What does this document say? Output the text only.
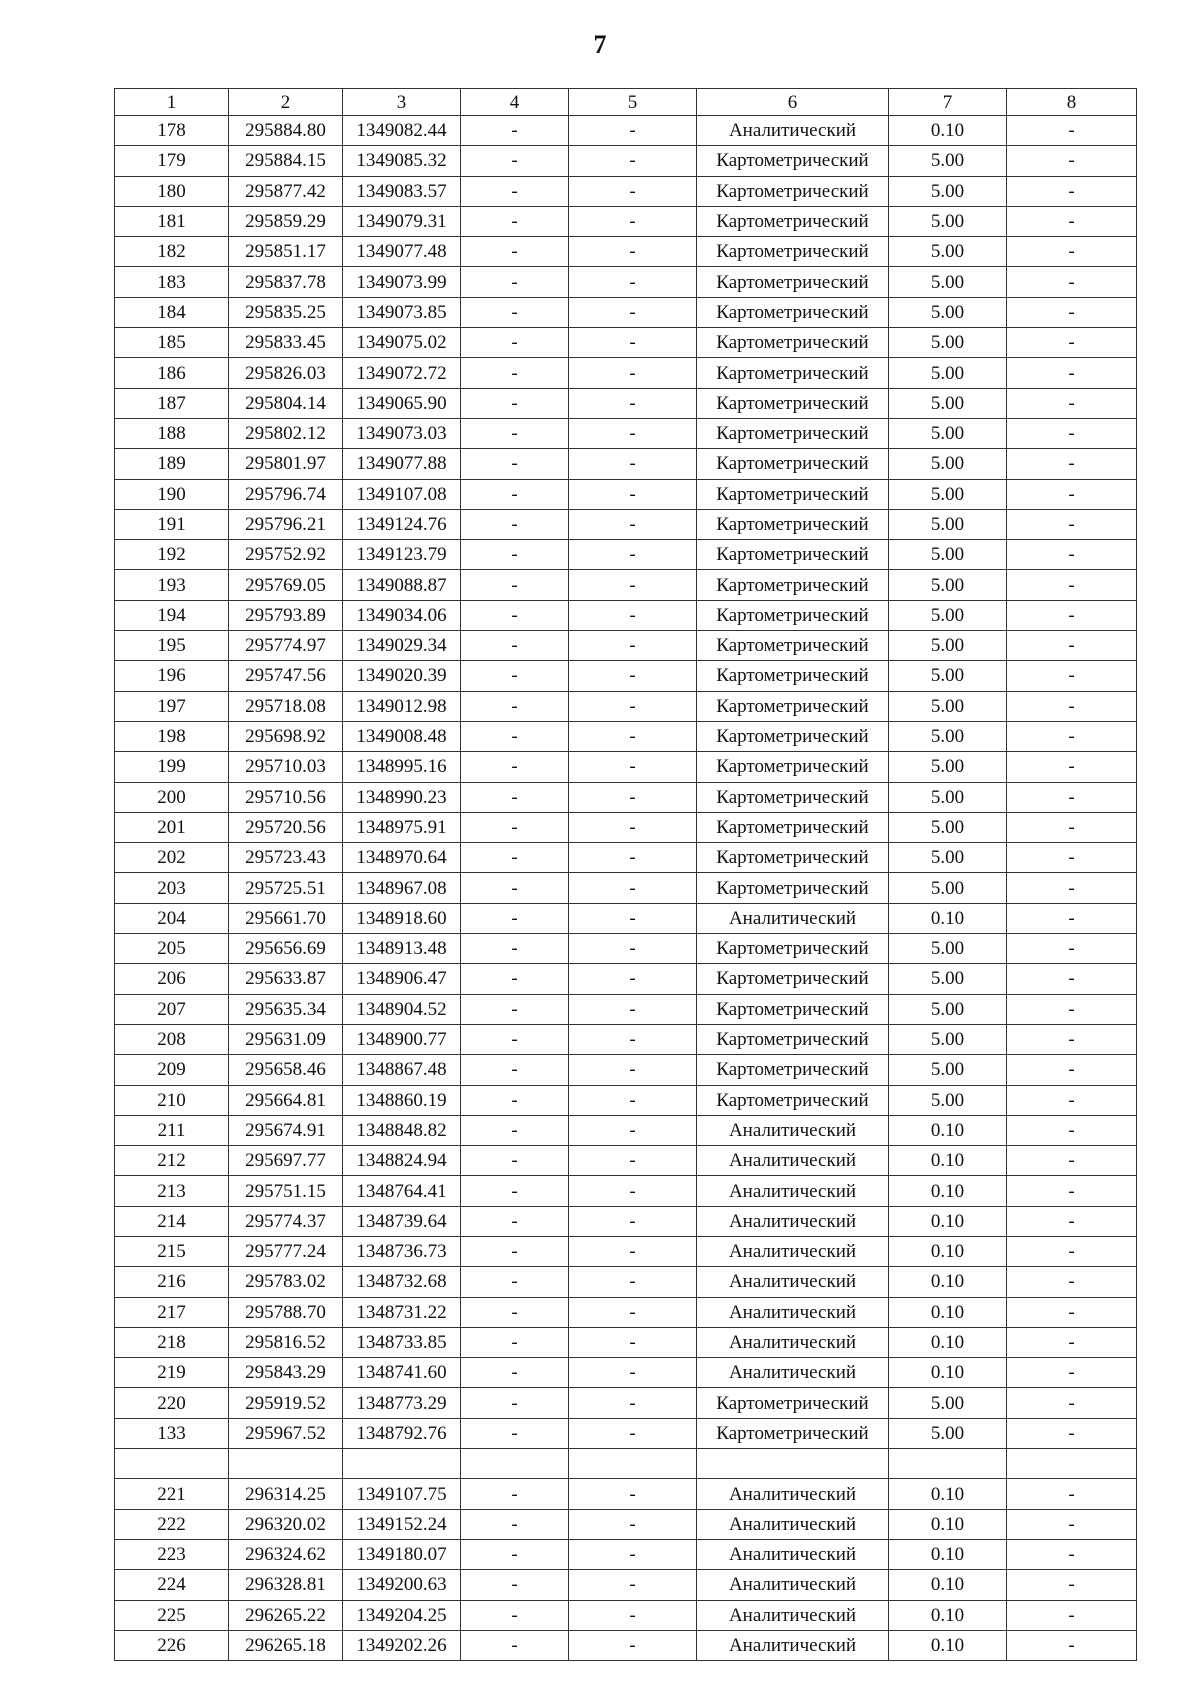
7
1	2	3	4	5	6	7	8
178	295884.80	1349082.44	-	-	Аналитический	0.10	-
179	295884.15	1349085.32	-	-	Картометрический	5.00	-
180	295877.42	1349083.57	-	-	Картометрический	5.00	-
181	295859.29	1349079.31	-	-	Картометрический	5.00	-
182	295851.17	1349077.48	-	-	Картометрический	5.00	-
183	295837.78	1349073.99	-	-	Картометрический	5.00	-
184	295835.25	1349073.85	-	-	Картометрический	5.00	-
185	295833.45	1349075.02	-	-	Картометрический	5.00	-
186	295826.03	1349072.72	-	-	Картометрический	5.00	-
187	295804.14	1349065.90	-	-	Картометрический	5.00	-
188	295802.12	1349073.03	-	-	Картометрический	5.00	-
189	295801.97	1349077.88	-	-	Картометрический	5.00	-
190	295796.74	1349107.08	-	-	Картометрический	5.00	-
191	295796.21	1349124.76	-	-	Картометрический	5.00	-
192	295752.92	1349123.79	-	-	Картометрический	5.00	-
193	295769.05	1349088.87	-	-	Картометрический	5.00	-
194	295793.89	1349034.06	-	-	Картометрический	5.00	-
195	295774.97	1349029.34	-	-	Картометрический	5.00	-
196	295747.56	1349020.39	-	-	Картометрический	5.00	-
197	295718.08	1349012.98	-	-	Картометрический	5.00	-
198	295698.92	1349008.48	-	-	Картометрический	5.00	-
199	295710.03	1348995.16	-	-	Картометрический	5.00	-
200	295710.56	1348990.23	-	-	Картометрический	5.00	-
201	295720.56	1348975.91	-	-	Картометрический	5.00	-
202	295723.43	1348970.64	-	-	Картометрический	5.00	-
203	295725.51	1348967.08	-	-	Картометрический	5.00	-
204	295661.70	1348918.60	-	-	Аналитический	0.10	-
205	295656.69	1348913.48	-	-	Картометрический	5.00	-
206	295633.87	1348906.47	-	-	Картометрический	5.00	-
207	295635.34	1348904.52	-	-	Картометрический	5.00	-
208	295631.09	1348900.77	-	-	Картометрический	5.00	-
209	295658.46	1348867.48	-	-	Картометрический	5.00	-
210	295664.81	1348860.19	-	-	Картометрический	5.00	-
211	295674.91	1348848.82	-	-	Аналитический	0.10	-
212	295697.77	1348824.94	-	-	Аналитический	0.10	-
213	295751.15	1348764.41	-	-	Аналитический	0.10	-
214	295774.37	1348739.64	-	-	Аналитический	0.10	-
215	295777.24	1348736.73	-	-	Аналитический	0.10	-
216	295783.02	1348732.68	-	-	Аналитический	0.10	-
217	295788.70	1348731.22	-	-	Аналитический	0.10	-
218	295816.52	1348733.85	-	-	Аналитический	0.10	-
219	295843.29	1348741.60	-	-	Аналитический	0.10	-
220	295919.52	1348773.29	-	-	Картометрический	5.00	-
133	295967.52	1348792.76	-	-	Картометрический	5.00	-

221	296314.25	1349107.75	-	-	Аналитический	0.10	-
222	296320.02	1349152.24	-	-	Аналитический	0.10	-
223	296324.62	1349180.07	-	-	Аналитический	0.10	-
224	296328.81	1349200.63	-	-	Аналитический	0.10	-
225	296265.22	1349204.25	-	-	Аналитический	0.10	-
226	296265.18	1349202.26	-	-	Аналитический	0.10	-
